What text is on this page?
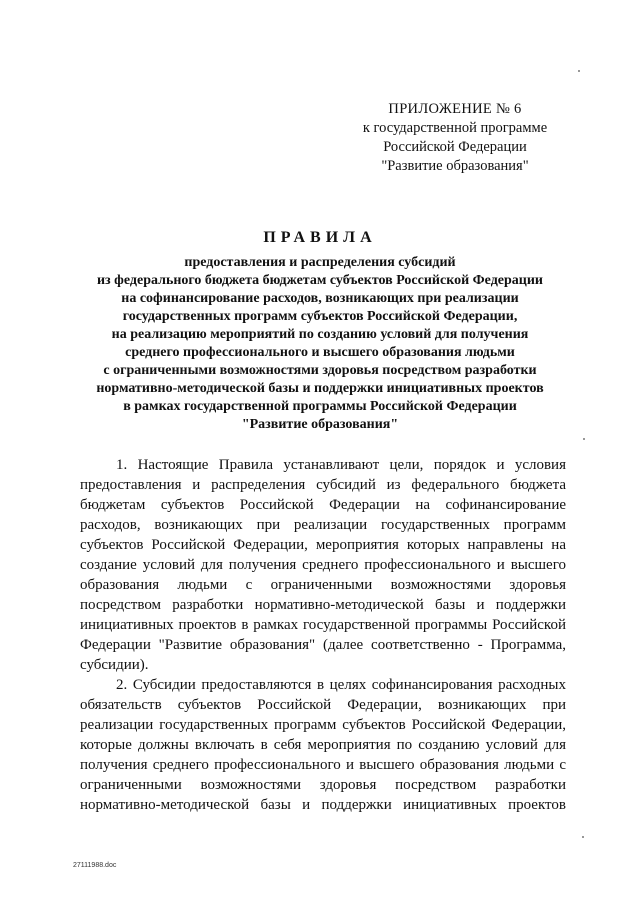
ПРИЛОЖЕНИЕ № 6
к государственной программе
Российской Федерации
"Развитие образования"
ПРАВИЛА
предоставления и распределения субсидий
из федерального бюджета бюджетам субъектов Российской Федерации
на софинансирование расходов, возникающих при реализации
государственных программ субъектов Российской Федерации,
на реализацию мероприятий по созданию условий для получения
среднего профессионального и высшего образования людьми
с ограниченными возможностями здоровья посредством разработки
нормативно-методической базы и поддержки инициативных проектов
в рамках государственной программы Российской Федерации
"Развитие образования"
1. Настоящие Правила устанавливают цели, порядок и условия
предоставления и распределения субсидий из федерального бюджета
бюджетам субъектов Российской Федерации на софинансирование
расходов, возникающих при реализации государственных программ
субъектов Российской Федерации, мероприятия которых направлены на
создание условий для получения среднего профессионального и высшего
образования людьми с ограниченными возможностями здоровья
посредством разработки нормативно-методической базы и поддержки
инициативных проектов в рамках государственной программы Российской
Федерации "Развитие образования" (далее соответственно - Программа,
субсидии).
2. Субсидии предоставляются в целях софинансирования расходных
обязательств субъектов Российской Федерации, возникающих при
реализации государственных программ субъектов Российской Федерации,
которые должны включать в себя мероприятия по созданию условий для
получения среднего профессионального и высшего образования людьми с
ограниченными возможностями здоровья посредством разработки
нормативно-методической базы и поддержки инициативных проектов
27111988.doc
